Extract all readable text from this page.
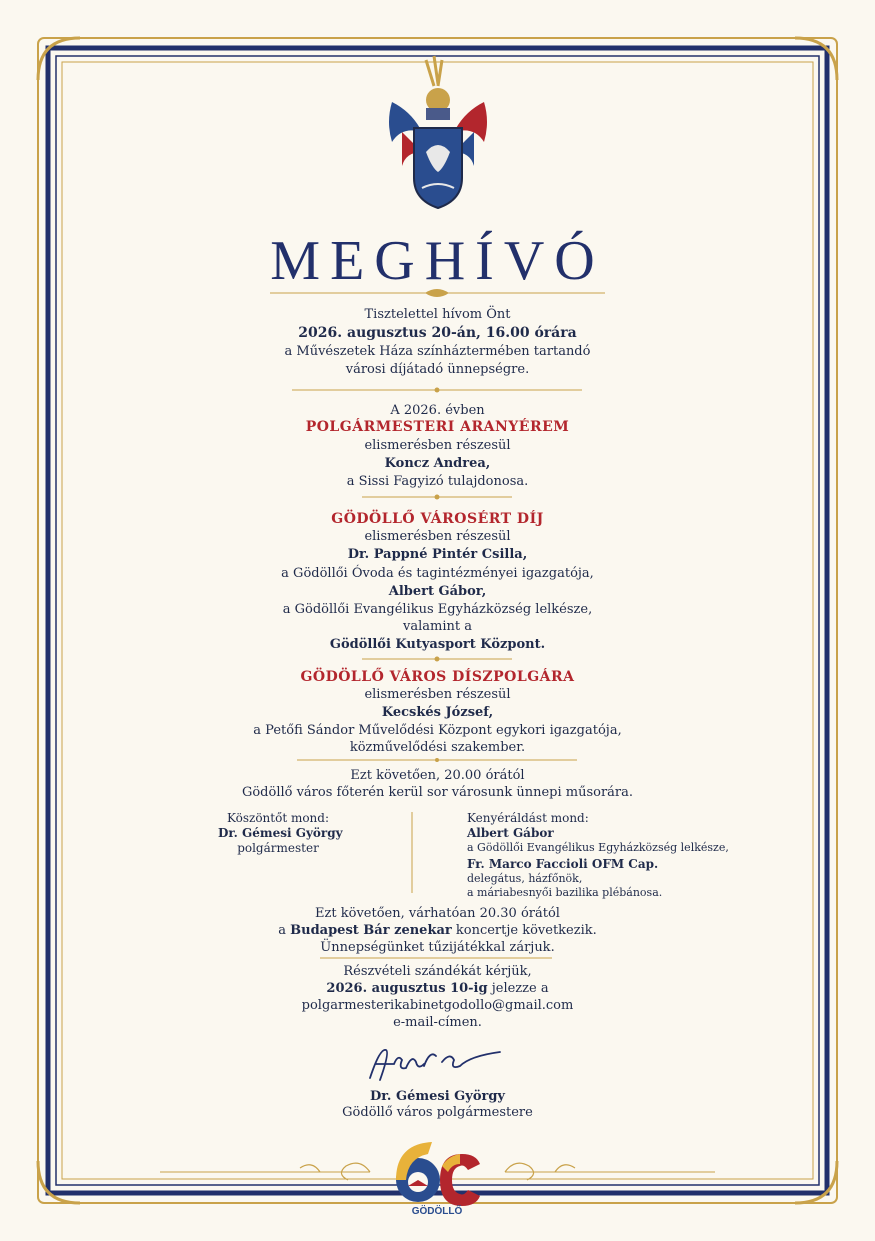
MEGHÍVÓ
Tisztelettel hívom Önt
2026. augusztus 20-án, 16.00 órára
a Művészetek Háza színháztermében tartandó
városi díjátadó ünnepségre.
A 2026. évben
POLGÁRMESTERI ARANYÉREM
elismerésben részesül
Koncz Andrea,
a Sissi Fagyizó tulajdonosa.
GÖDÖLLŐ VÁROSÉRT DÍJ
elismerésben részesül
Dr. Pappné Pintér Csilla,
a Gödöllői Óvoda és tagintézményei igazgatója,
Albert Gábor,
a Gödöllői Evangélikus Egyházközség lelkésze,
valamint a
Gödöllői Kutyasport Központ.
GÖDÖLLŐ VÁROS DÍSZPOLGÁRA
elismerésben részesül
Kecskés József,
a Petőfi Sándor Művelődési Központ egykori igazgatója,
közművelődési szakember.
Ezt követően, 20.00 órától
Gödöllő város főterén kerül sor városunk ünnepi műsorára.
Köszöntőt mond:
Dr. Gémesi György
polgármester
Kenyéráldást mond:
Albert Gábor
a Gödöllői Evangélikus Egyházközség lelkésze,
Fr. Marco Faccioli OFM Cap.
delegátus, házfőnök,
a máriabesnyői bazilika plébánosa.
Ezt követően, várhatóan 20.30 órától
a Budapest Bár zenekar koncertje következik.
Ünnepségünket tűzijátékkal zárjuk.
Részvételi szándékát kérjük,
2026. augusztus 10-ig jelezze a
polgarmesterikabinetgodollo@gmail.com
e-mail-címen.
Dr. Gémesi György
Gödöllő város polgármestere
GÖDÖLLŐ
